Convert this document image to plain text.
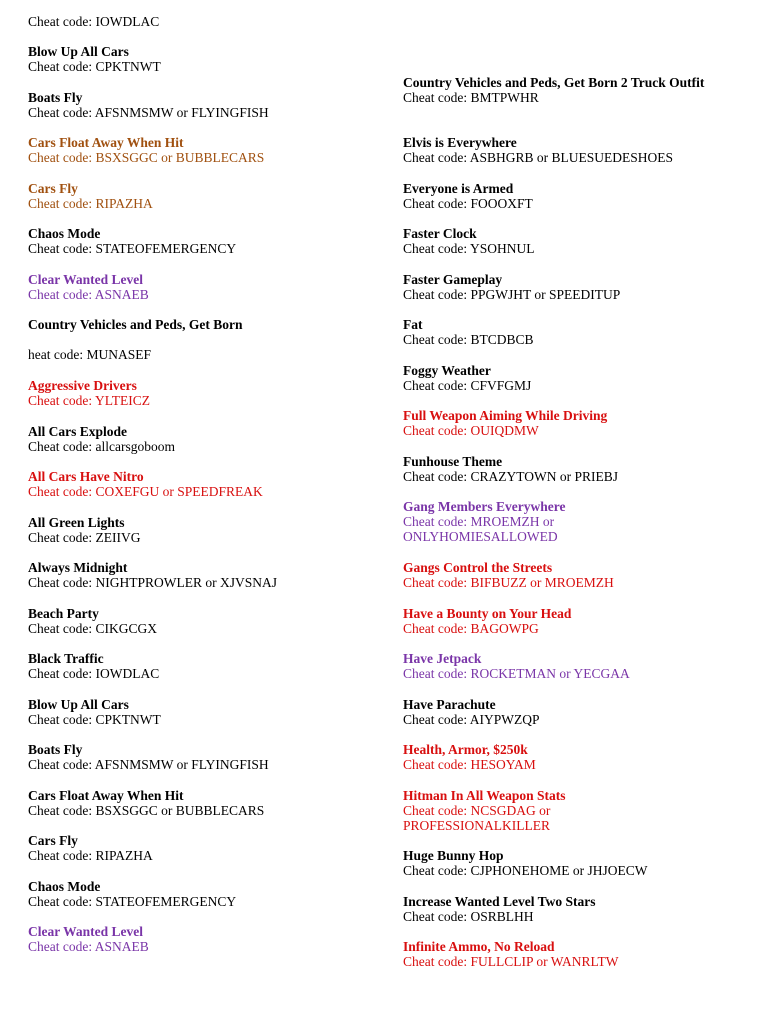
Cheat code: IOWDLAC
Blow Up All Cars
Cheat code: CPKTNWT
Boats Fly
Cheat code: AFSNMSMW or FLYINGFISH
Cars Float Away When Hit
Cheat code: BSXSGGC or BUBBLECARS
Cars Fly
Cheat code: RIPAZHA
Chaos Mode
Cheat code: STATEOFEMERGENCY
Clear Wanted Level
Cheat code: ASNAEB
Country Vehicles and Peds, Get Born
heat code: MUNASEF
Aggressive Drivers
Cheat code: YLTEICZ
All Cars Explode
Cheat code: allcarsgoboom
All Cars Have Nitro
Cheat code: COXEFGU or SPEEDFREAK
All Green Lights
Cheat code: ZEIIVG
Always Midnight
Cheat code: NIGHTPROWLER or XJVSNAJ
Beach Party
Cheat code: CIKGCGX
Black Traffic
Cheat code: IOWDLAC
Blow Up All Cars
Cheat code: CPKTNWT
Boats Fly
Cheat code: AFSNMSMW or FLYINGFISH
Cars Float Away When Hit
Cheat code: BSXSGGC or BUBBLECARS
Cars Fly
Cheat code: RIPAZHA
Chaos Mode
Cheat code: STATEOFEMERGENCY
Clear Wanted Level
Cheat code: ASNAEB
Country Vehicles and Peds, Get Born 2 Truck Outfit
Cheat code: BMTPWHR
Elvis is Everywhere
Cheat code: ASBHGRB or BLUESUEDESHOES
Everyone is Armed
Cheat code: FOOOXFT
Faster Clock
Cheat code: YSOHNUL
Faster Gameplay
Cheat code: PPGWJHT or SPEEDITUP
Fat
Cheat code: BTCDBCB
Foggy Weather
Cheat code: CFVFGMJ
Full Weapon Aiming While Driving
Cheat code: OUIQDMW
Funhouse Theme
Cheat code: CRAZYTOWN or PRIEBJ
Gang Members Everywhere
Cheat code: MROEMZH or
ONLYHOMIESALLOWED
Gangs Control the Streets
Cheat code: BIFBUZZ or MROEMZH
Have a Bounty on Your Head
Cheat code: BAGOWPG
Have Jetpack
Cheat code: ROCKETMAN or YECGAA
Have Parachute
Cheat code: AIYPWZQP
Health, Armor, $250k
Cheat code: HESOYAM
Hitman In All Weapon Stats
Cheat code: NCSGDAG or
PROFESSIONALKILLER
Huge Bunny Hop
Cheat code: CJPHONEHOME or JHJOECW
Increase Wanted Level Two Stars
Cheat code: OSRBLHH
Infinite Ammo, No Reload
Cheat code: FULLCLIP or WANRLTW
